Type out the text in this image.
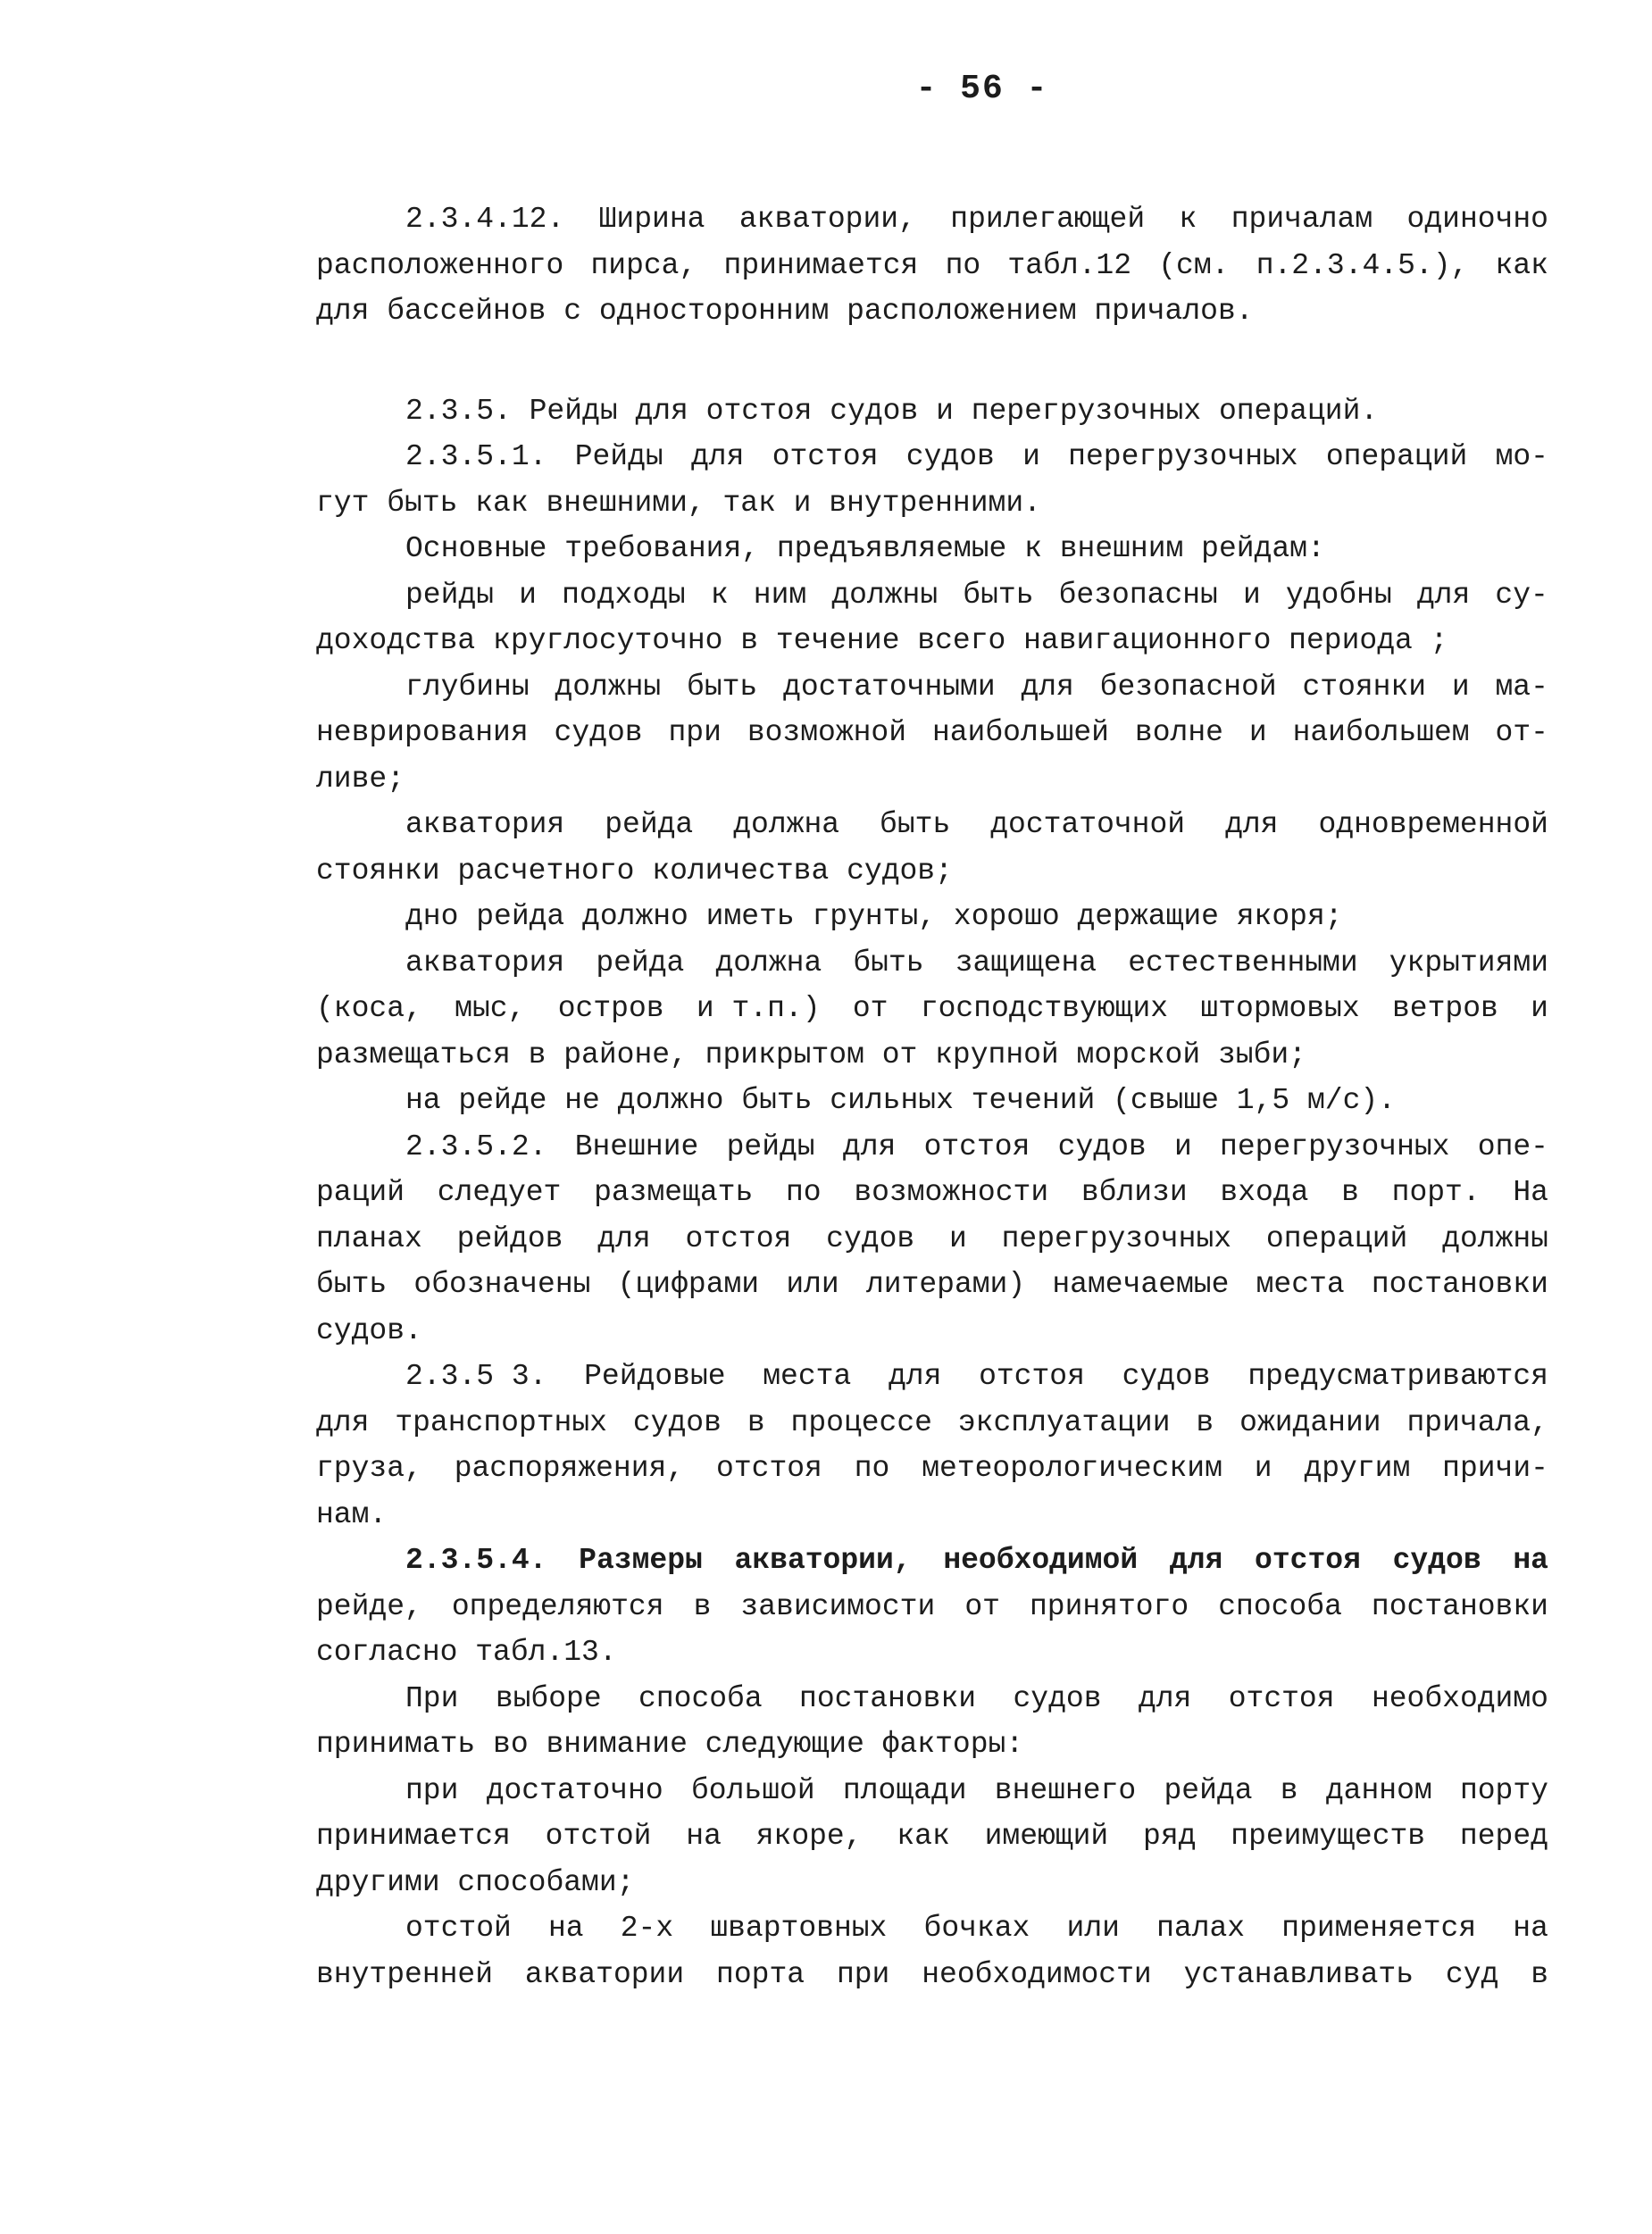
- 56 -
2.3.4.12. Ширина акватории, прилегающей к причалам одиночно
расположенного пирса, принимается по табл.12 (см. п.2.3.4.5.), как
для бассейнов с односторонним расположением причалов.
2.3.5. Рейды для отстоя судов и перегрузочных операций.
2.3.5.1. Рейды для отстоя судов и перегрузочных операций мо-
гут быть как внешними, так и внутренними.
Основные требования, предъявляемые к внешним рейдам:
рейды и подходы к ним должны быть безопасны и удобны для су-
доходства круглосуточно в течение всего навигационного периода ;
глубины должны быть достаточными для безопасной стоянки и ма-
неврирования судов при возможной наибольшей волне и наибольшем от-
ливе;
акватория рейда должна быть достаточной для одновременной
стоянки расчетного количества судов;
дно рейда должно иметь грунты, хорошо держащие якоря;
акватория рейда должна быть защищена естественными укрытиями
(коса, мыс, остров и т.п.) от господствующих штормовых ветров и
размещаться в районе, прикрытом от крупной морской зыби;
на рейде не должно быть сильных течений (свыше 1,5 м/с).
2.3.5.2. Внешние рейды для отстоя судов и перегрузочных опе-
раций следует размещать по возможности вблизи входа в порт. На
планах рейдов для отстоя судов и перегрузочных операций должны
быть обозначены (цифрами или литерами) намечаемые места постановки
судов.
2.3.5 3. Рейдовые места для отстоя судов предусматриваются
для транспортных судов в процессе эксплуатации в ожидании причала,
груза, распоряжения, отстоя по метеорологическим и другим причи-
нам.
2.3.5.4. Размеры акватории, необходимой для отстоя судов на
рейде, определяются в зависимости от принятого способа постановки
согласно табл.13.
При выборе способа постановки судов для отстоя необходимо
принимать во внимание следующие факторы:
при достаточно большой площади внешнего рейда в данном порту
принимается отстой на якоре, как имеющий ряд преимуществ перед
другими способами;
отстой на 2-х швартовных бочках или палах применяется на
внутренней акватории порта при необходимости устанавливать суд в
